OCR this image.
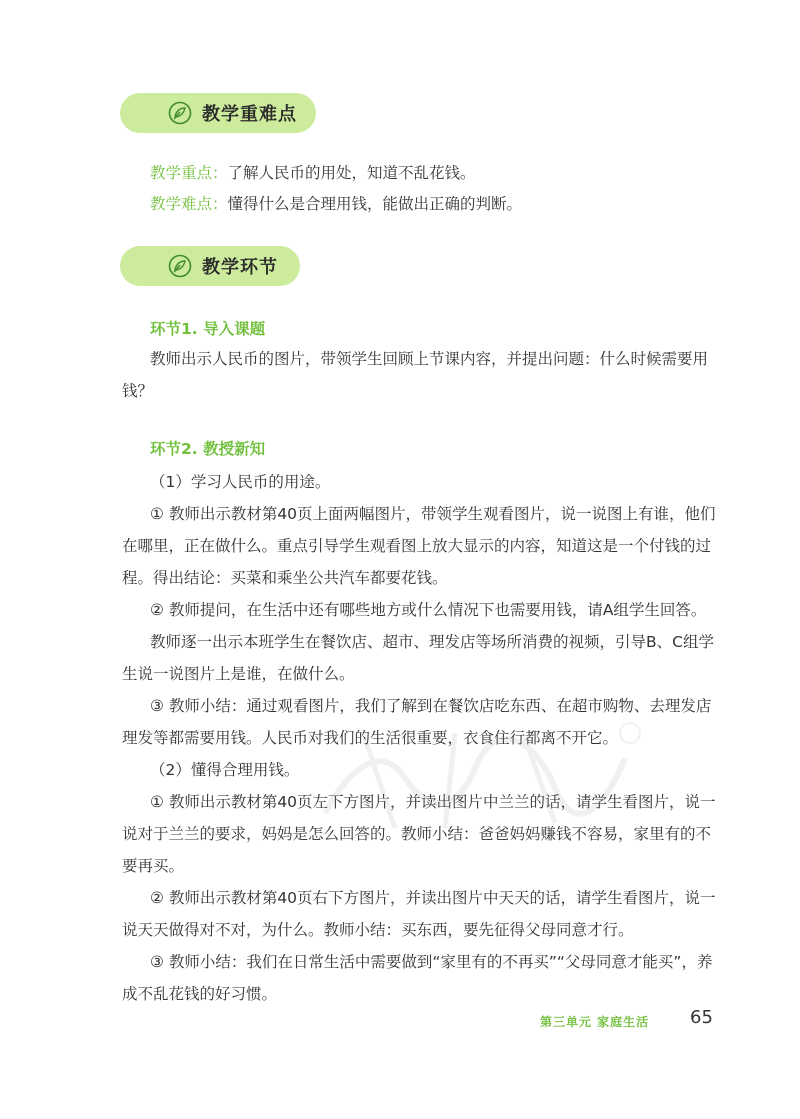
教学重难点
教学重点：了解人民币的用处，知道不乱花钱。
教学难点：懂得什么是合理用钱，能做出正确的判断。
教学环节
环节1. 导入课题
教师出示人民币的图片，带领学生回顾上节课内容，并提出问题：什么时候需要用钱？
环节2. 教授新知
（1）学习人民币的用途。
① 教师出示教材第40页上面两幅图片，带领学生观看图片，说一说图上有谁，他们在哪里，正在做什么。重点引导学生观看图上放大显示的内容，知道这是一个付钱的过程。得出结论：买菜和乘坐公共汽车都要花钱。
② 教师提问，在生活中还有哪些地方或什么情况下也需要用钱，请A组学生回答。
教师逐一出示本班学生在餐饮店、超市、理发店等场所消费的视频，引导B、C组学生说一说图片上是谁，在做什么。
③ 教师小结：通过观看图片，我们了解到在餐饮店吃东西、在超市购物、去理发店理发等都需要用钱。人民币对我们的生活很重要，衣食住行都离不开它。
（2）懂得合理用钱。
① 教师出示教材第40页左下方图片，并读出图片中兰兰的话，请学生看图片，说一说对于兰兰的要求，妈妈是怎么回答的。教师小结：爸爸妈妈赚钱不容易，家里有的不要再买。
② 教师出示教材第40页右下方图片，并读出图片中天天的话，请学生看图片，说一说天天做得对不对，为什么。教师小结：买东西，要先征得父母同意才行。
③ 教师小结：我们在日常生活中需要做到“家里有的不再买”“父母同意才能买”，养成不乱花钱的好习惯。
第三单元 家庭生活 65
